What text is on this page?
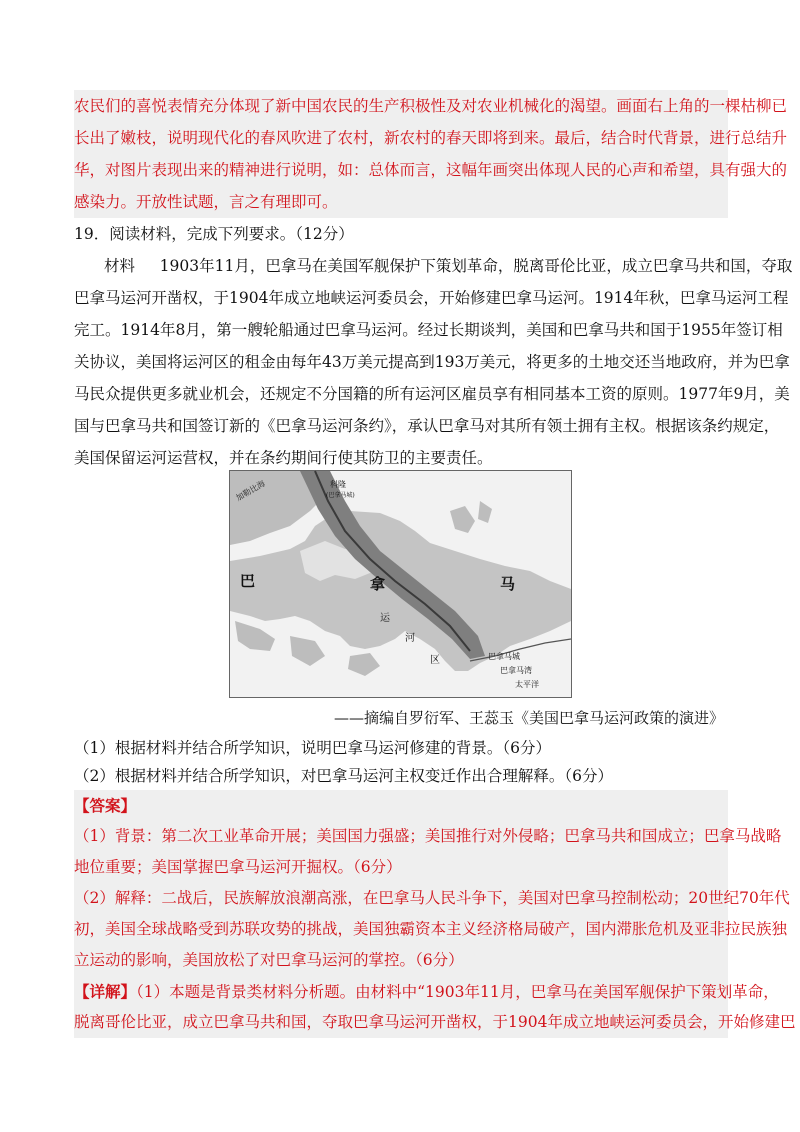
农民们的喜悦表情充分体现了新中国农民的生产积极性及对农业机械化的渴望。画面右上角的一棵枯柳已
长出了嫩枝，说明现代化的春风吹进了农村，新农村的春天即将到来。最后，结合时代背景，进行总结升
华，对图片表现出来的精神进行说明，如：总体而言，这幅年画突出体现人民的心声和希望，具有强大的
感染力。开放性试题，言之有理即可。
19．阅读材料，完成下列要求。（12分）
材料 1903年11月，巴拿马在美国军舰保护下策划革命，脱离哥伦比亚，成立巴拿马共和国，夺取
巴拿马运河开凿权，于1904年成立地峡运河委员会，开始修建巴拿马运河。1914年秋，巴拿马运河工程
完工。1914年8月，第一艘轮船通过巴拿马运河。经过长期谈判，美国和巴拿马共和国于1955年签订相
关协议，美国将运河区的租金由每年43万美元提高到193万美元，将更多的土地交还当地政府，并为巴拿
马民众提供更多就业机会，还规定不分国籍的所有运河区雇员享有相同基本工资的原则。1977年9月，美
国与巴拿马共和国签订新的《巴拿马运河条约》，承认巴拿马对其所有领土拥有主权。根据该条约规定，
美国保留运河运营权，并在条约期间行使其防卫的主要责任。
巴	拿	马
运
河
区
科隆
(巴拿马城)
巴拿马城
巴拿马湾
太平洋
加勒比海
——摘编自罗衍军、王蕊玉《美国巴拿马运河政策的演进》
（1）根据材料并结合所学知识，说明巴拿马运河修建的背景。（6分）
（2）根据材料并结合所学知识，对巴拿马运河主权变迁作出合理解释。（6分）
【答案】
（1）背景：第二次工业革命开展；美国国力强盛；美国推行对外侵略；巴拿马共和国成立；巴拿马战略
地位重要；美国掌握巴拿马运河开掘权。（6分）
（2）解释：二战后，民族解放浪潮高涨，在巴拿马人民斗争下，美国对巴拿马控制松动；20世纪70年代
初，美国全球战略受到苏联攻势的挑战，美国独霸资本主义经济格局破产，国内滞胀危机及亚非拉民族独
立运动的影响，美国放松了对巴拿马运河的掌控。（6分）
【详解】（1）本题是背景类材料分析题。由材料中“1903年11月，巴拿马在美国军舰保护下策划革命，
脱离哥伦比亚，成立巴拿马共和国，夺取巴拿马运河开凿权，于1904年成立地峡运河委员会，开始修建巴
